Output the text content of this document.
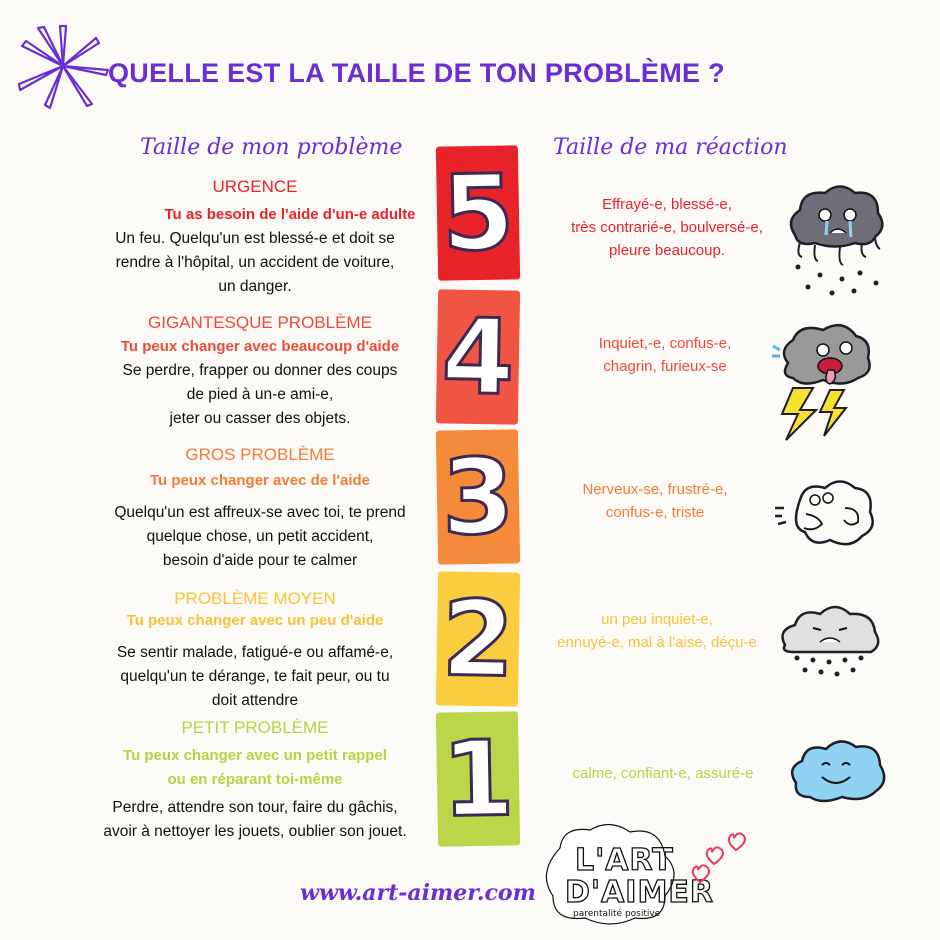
QUELLE EST LA TAILLE DE TON PROBLÈME ?
Taille de mon problème	Taille de ma réaction
5
4
3
2
1
URGENCE
Tu as besoin de l'aide d'un-e adulte
Un feu. Quelqu'un est blessé-e et doit se
rendre à l'hôpital, un accident de voiture,
un danger.
GIGANTESQUE PROBLÈME
Tu peux changer avec beaucoup d'aide
Se perdre, frapper ou donner des coups
de pied à un-e ami-e,
jeter ou casser des objets.
GROS PROBLÈME
Tu peux changer avec de l'aide
Quelqu'un est affreux-se avec toi, te prend
quelque chose, un petit accident,
besoin d'aide pour te calmer
PROBLÈME MOYEN
Tu peux changer avec un peu d'aide
Se sentir malade, fatigué-e ou affamé-e,
quelqu'un te dérange, te fait peur, ou tu
doit attendre
PETIT PROBLÈME
Tu peux changer avec un petit rappel
ou en réparant toi-même
Perdre, attendre son tour, faire du gâchis,
avoir à nettoyer les jouets, oublier son jouet.
Effrayé-e, blessé-e,
très contrarié-e, boulversé-e,
pleure beaucoup.
Inquiet,-e, confus-e,
chagrin, furieux-se
Nerveux-se, frustré-e,
confus-e, triste
un peu inquiet-e,
ennuyé-e, mal à l'aise, déçu-e
calme, confiant-e, assuré-e
L'ART
D'AIMER
parentalité positive
www.art-aimer.com
